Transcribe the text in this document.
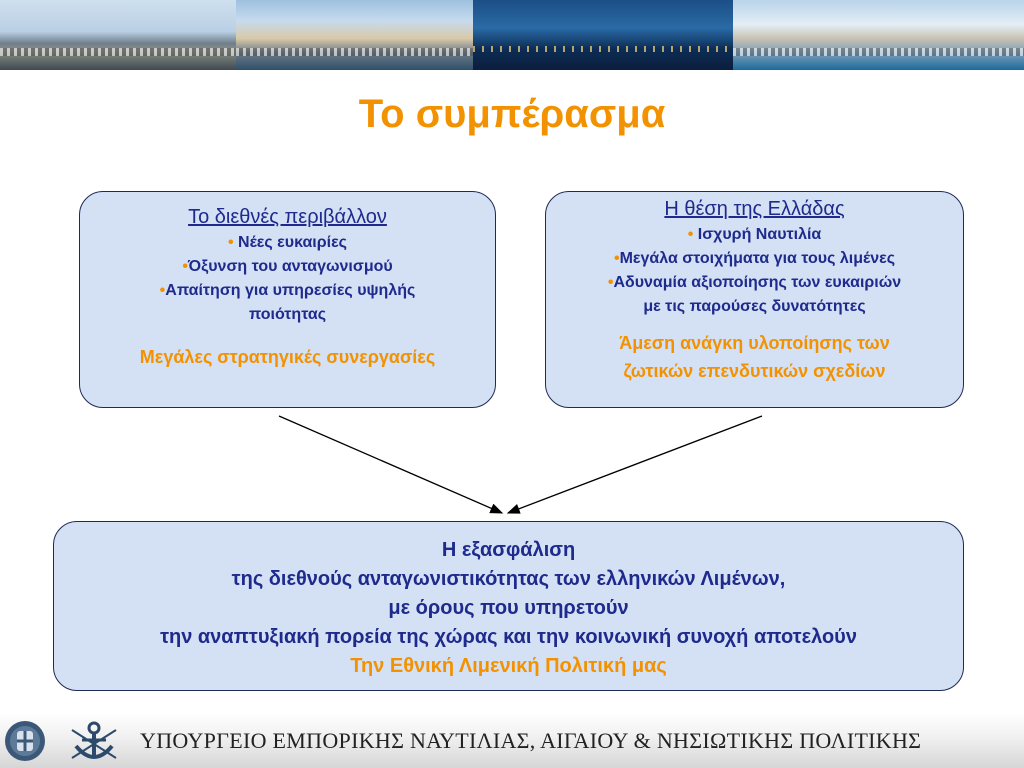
Το συμπέρασμα
Το διεθνές περιβάλλον
• Νέες ευκαιρίες
•Όξυνση του ανταγωνισμού
•Απαίτηση για υπηρεσίες υψηλής
ποιότητας
Μεγάλες στρατηγικές συνεργασίες
Η θέση της Ελλάδας
• Ισχυρή Ναυτιλία
•Μεγάλα στοιχήματα για τους λιμένες
•Αδυναμία αξιοποίησης των ευκαιριών
με τις παρούσες δυνατότητες
Άμεση ανάγκη υλοποίησης των
ζωτικών επενδυτικών σχεδίων
Η εξασφάλιση
της διεθνούς ανταγωνιστικότητας των ελληνικών Λιμένων,
με όρους που υπηρετούν
την αναπτυξιακή πορεία της χώρας και την κοινωνική συνοχή αποτελούν
Την Εθνική Λιμενική Πολιτική μας
ΥΠΟΥΡΓΕΙΟ ΕΜΠΟΡΙΚΗΣ ΝΑΥΤΙΛΙΑΣ, ΑΙΓΑΙΟΥ & ΝΗΣΙΩΤΙΚΗΣ ΠΟΛΙΤΙΚΗΣ
